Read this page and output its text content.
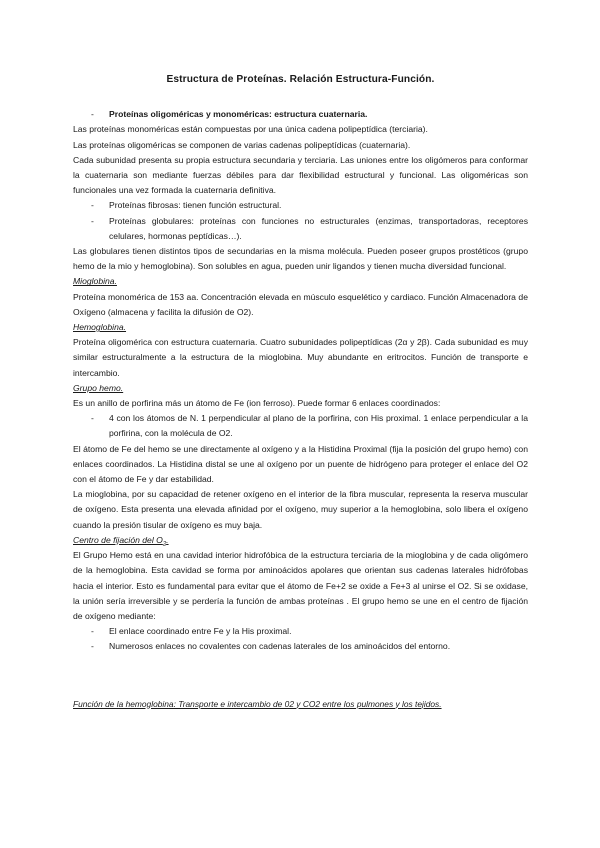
Estructura de Proteínas. Relación Estructura-Función.
-	Proteínas oligoméricas y monoméricas: estructura cuaternaria.

Las proteínas monoméricas están compuestas por una única cadena polipeptídica (terciaria).

Las proteínas oligoméricas se componen de varias cadenas polipeptídicas (cuaternaria).

Cada subunidad presenta su propia estructura secundaria y terciaria. Las uniones entre los oligómeros para conformar la cuaternaria son mediante fuerzas débiles para dar flexibilidad estructural y funcional. Las oligoméricas son funcionales una vez formada la cuaternaria definitiva.

-	Proteínas fibrosas: tienen función estructural.
-	Proteínas globulares: proteínas con funciones no estructurales (enzimas, transportadoras, receptores celulares, hormonas peptídicas…).

Las globulares tienen distintos tipos de secundarias en la misma molécula. Pueden poseer grupos prostéticos (grupo hemo de la mio y hemoglobina). Son solubles en agua, pueden unir ligandos y tienen mucha diversidad funcional.

Mioglobina.

Proteína monomérica de 153 aa. Concentración elevada en músculo esquelético y cardiaco. Función Almacenadora de Oxígeno (almacena y facilita la difusión de O2).

Hemoglobina.

Proteína oligomérica con estructura cuaternaria. Cuatro subunidades polipeptídicas (2α y 2β). Cada subunidad es muy similar estructuralmente a la estructura de la mioglobina. Muy abundante en eritrocitos. Función de transporte e intercambio.

Grupo hemo.

Es un anillo de porfirina más un átomo de Fe (ion ferroso). Puede formar 6 enlaces coordinados:

-	4 con los átomos de N. 1 perpendicular al plano de la porfirina, con His proximal. 1 enlace perpendicular a la porfirina, con la molécula de O2.

El átomo de Fe del hemo se une directamente al oxígeno y a la Histidina Proximal (fija la posición del grupo hemo) con enlaces coordinados. La Histidina distal se une al oxígeno por un puente de hidrógeno para proteger el enlace del O2 con el átomo de Fe y dar estabilidad.

La mioglobina, por su capacidad de retener oxígeno en el interior de la fibra muscular, representa la reserva muscular de oxígeno. Esta presenta una elevada afinidad por el oxígeno, muy superior a la hemoglobina, solo libera el oxígeno cuando la presión tisular de oxígeno es muy baja.

Centro de fijación del $O_2$.

El Grupo Hemo está en una cavidad interior hidrofóbica de la estructura terciaria de la mioglobina y de cada oligómero de la hemoglobina. Esta cavidad se forma por aminoácidos apolares que orientan sus cadenas laterales hidrófobas hacia el interior. Esto es fundamental para evitar que el átomo de Fe+2 se oxide a Fe+3 al unirse el O2. Si se oxidase, la unión sería irreversible y se perdería la función de ambas proteínas . El grupo hemo se une en el centro de fijación de oxígeno mediante:

-	El enlace coordinado entre Fe y la His proximal.
-	Numerosos enlaces no covalentes con cadenas laterales de los aminoácidos del entorno.
Función de la hemoglobina: Transporte e intercambio de 02 y CO2 entre los pulmones y los tejidos.
